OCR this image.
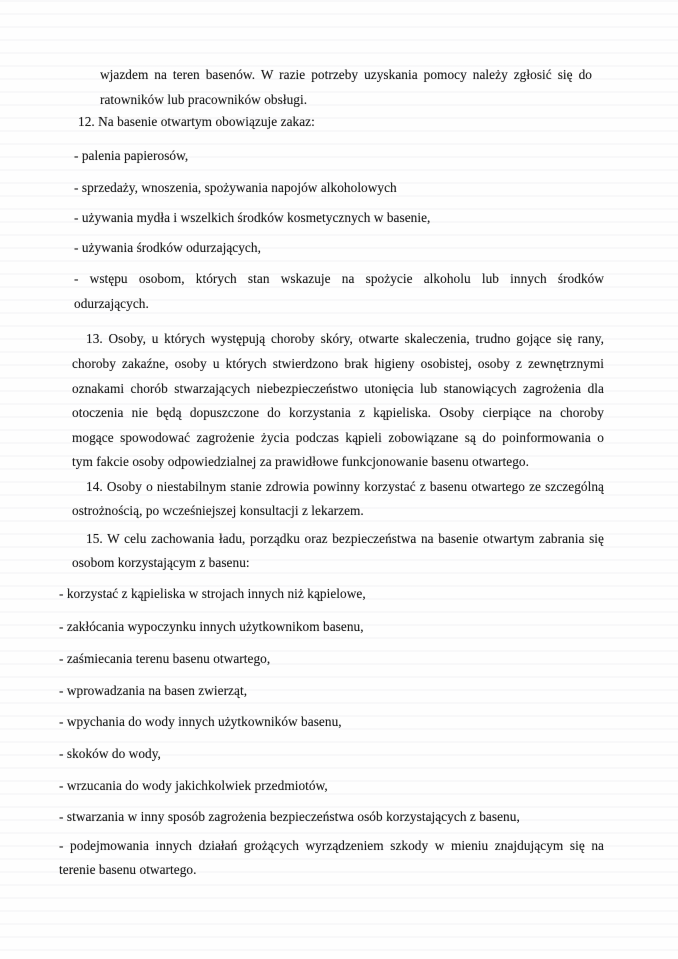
wjazdem na teren basenów. W razie potrzeby uzyskania pomocy należy zgłosić się do
ratowników lub pracowników obsługi.
12. Na basenie otwartym obowiązuje zakaz:
- palenia papierosów,
- sprzedaży, wnoszenia, spożywania napojów alkoholowych
- używania mydła i wszelkich środków kosmetycznych w basenie,
- używania środków odurzających,
- wstępu osobom, których stan wskazuje na spożycie alkoholu lub innych środków
odurzających.
13. Osoby, u których występują choroby skóry, otwarte skaleczenia, trudno gojące się rany,
choroby zakaźne, osoby u których stwierdzono brak higieny osobistej, osoby z zewnętrznymi
oznakami chorób stwarzających niebezpieczeństwo utonięcia lub stanowiących zagrożenia dla
otoczenia nie będą dopuszczone do korzystania z kąpieliska. Osoby cierpiące na choroby
mogące spowodować zagrożenie życia podczas kąpieli zobowiązane są do poinformowania o
tym fakcie osoby odpowiedzialnej za prawidłowe funkcjonowanie basenu otwartego.
14. Osoby o niestabilnym stanie zdrowia powinny korzystać z basenu otwartego ze szczególną
ostrożnością, po wcześniejszej konsultacji z lekarzem.
15. W celu zachowania ładu, porządku oraz bezpieczeństwa na basenie otwartym zabrania się
osobom korzystającym z basenu:
- korzystać z kąpieliska w strojach innych niż kąpielowe,
- zakłócania wypoczynku innych użytkownikom basenu,
- zaśmiecania terenu basenu otwartego,
- wprowadzania na basen zwierząt,
- wpychania do wody innych użytkowników basenu,
- skoków do wody,
- wrzucania do wody jakichkolwiek przedmiotów,
- stwarzania w inny sposób zagrożenia bezpieczeństwa osób korzystających z basenu,
- podejmowania innych działań grożących wyrządzeniem szkody w mieniu znajdującym się na
terenie basenu otwartego.
